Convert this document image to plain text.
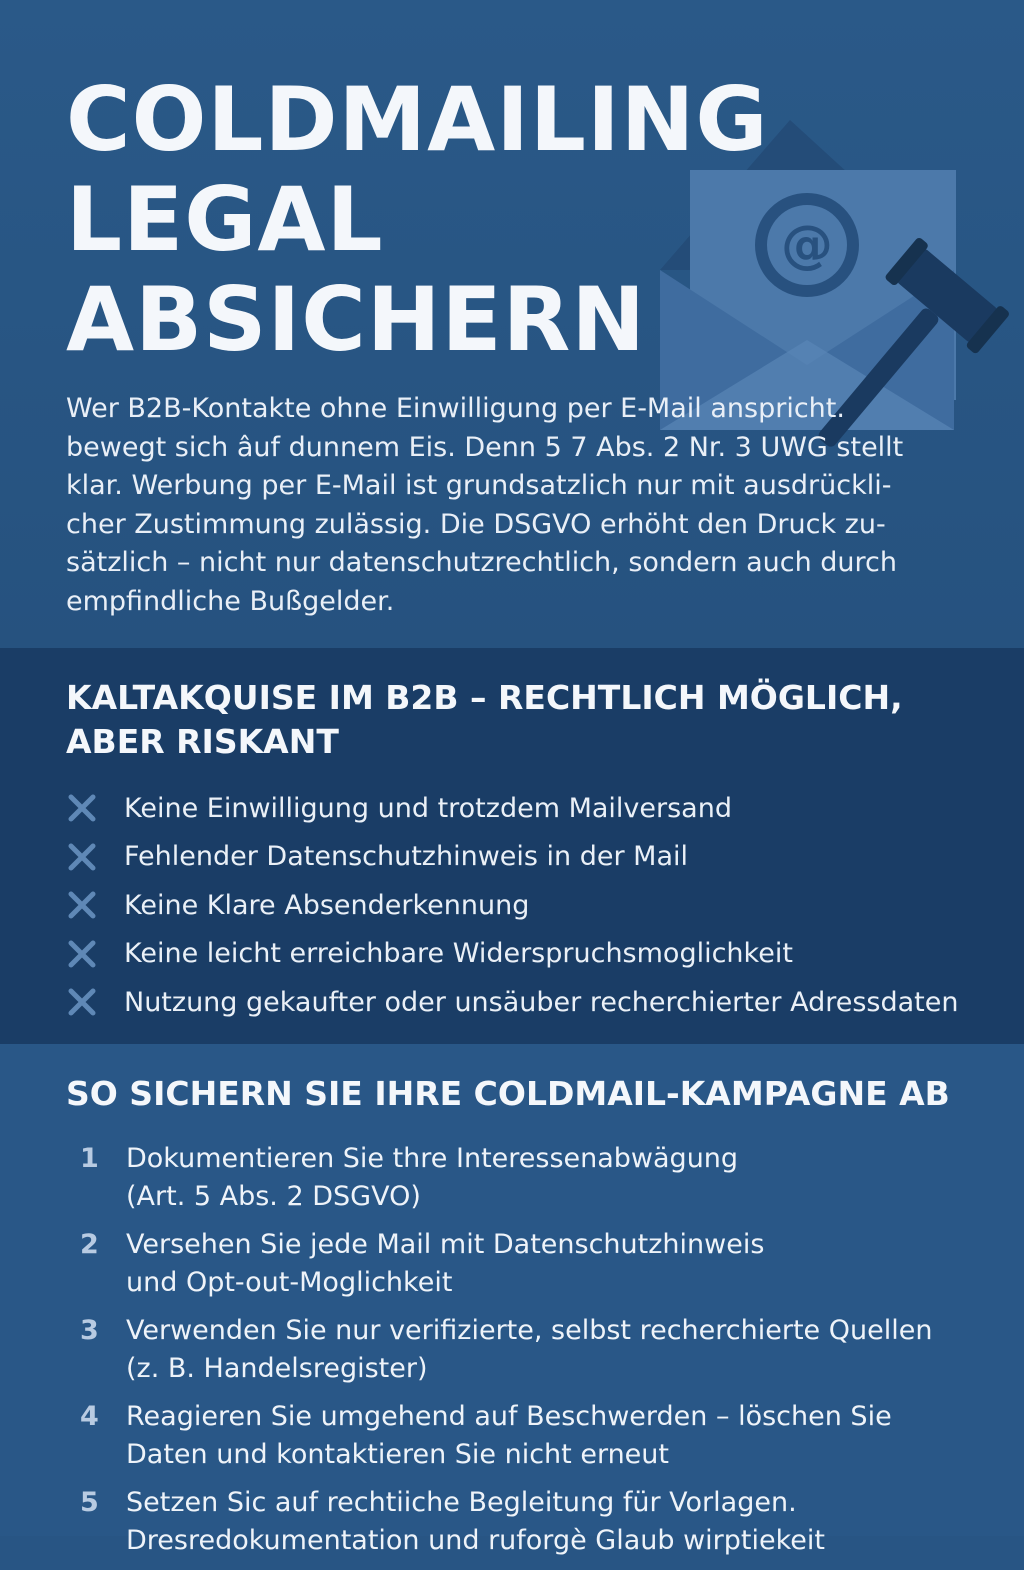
@
COLDMAILING
LEGAL
ABSICHERN

Wer B2B-Kontakte ohne Einwilligung per E-Mail anspricht.
bewegt sich âuf dunnem Eis. Denn 5 7 Abs. 2 Nr. 3 UWG stellt
klar. Werbung per E-Mail ist grundsatzlich nur mit ausdrückli-
cher Zustimmung zulässig. Die DSGVO erhöht den Druck zu-
sätzlich – nicht nur datenschutzrechtlich, sondern auch durch
empfindliche Bußgelder.

KALTAKQUISE IM B2B – RECHTLICH MÖGLICH,
ABER RISKANT
Keine Einwilligung und trotzdem Mailversand
Fehlender Datenschutzhinweis in der Mail
Keine Klare Absenderkennung
Keine leicht erreichbare Widerspruchsmoglichkeit
Nutzung gekaufter oder unsäuber recherchierter Adressdaten
SO SICHERN SIE IHRE COLDMAIL-KAMPAGNE AB
1	Dokumentieren Sie thre Interessenabwägung
(Art. 5 Abs. 2 DSGVO)
2	Versehen Sie jede Mail mit Datenschutzhinweis
und Opt-out-Moglichkeit
3	Verwenden Sie nur verifizierte, selbst recherchierte Quellen
(z. B. Handelsregister)
4	Reagieren Sie umgehend auf Beschwerden – löschen Sie
Daten und kontaktieren Sie nicht erneut
5	Setzen Sic auf rechtiiche Begleitung für Vorlagen.
Dresredokumentation und ruforgè Glaub wirptiekeit
